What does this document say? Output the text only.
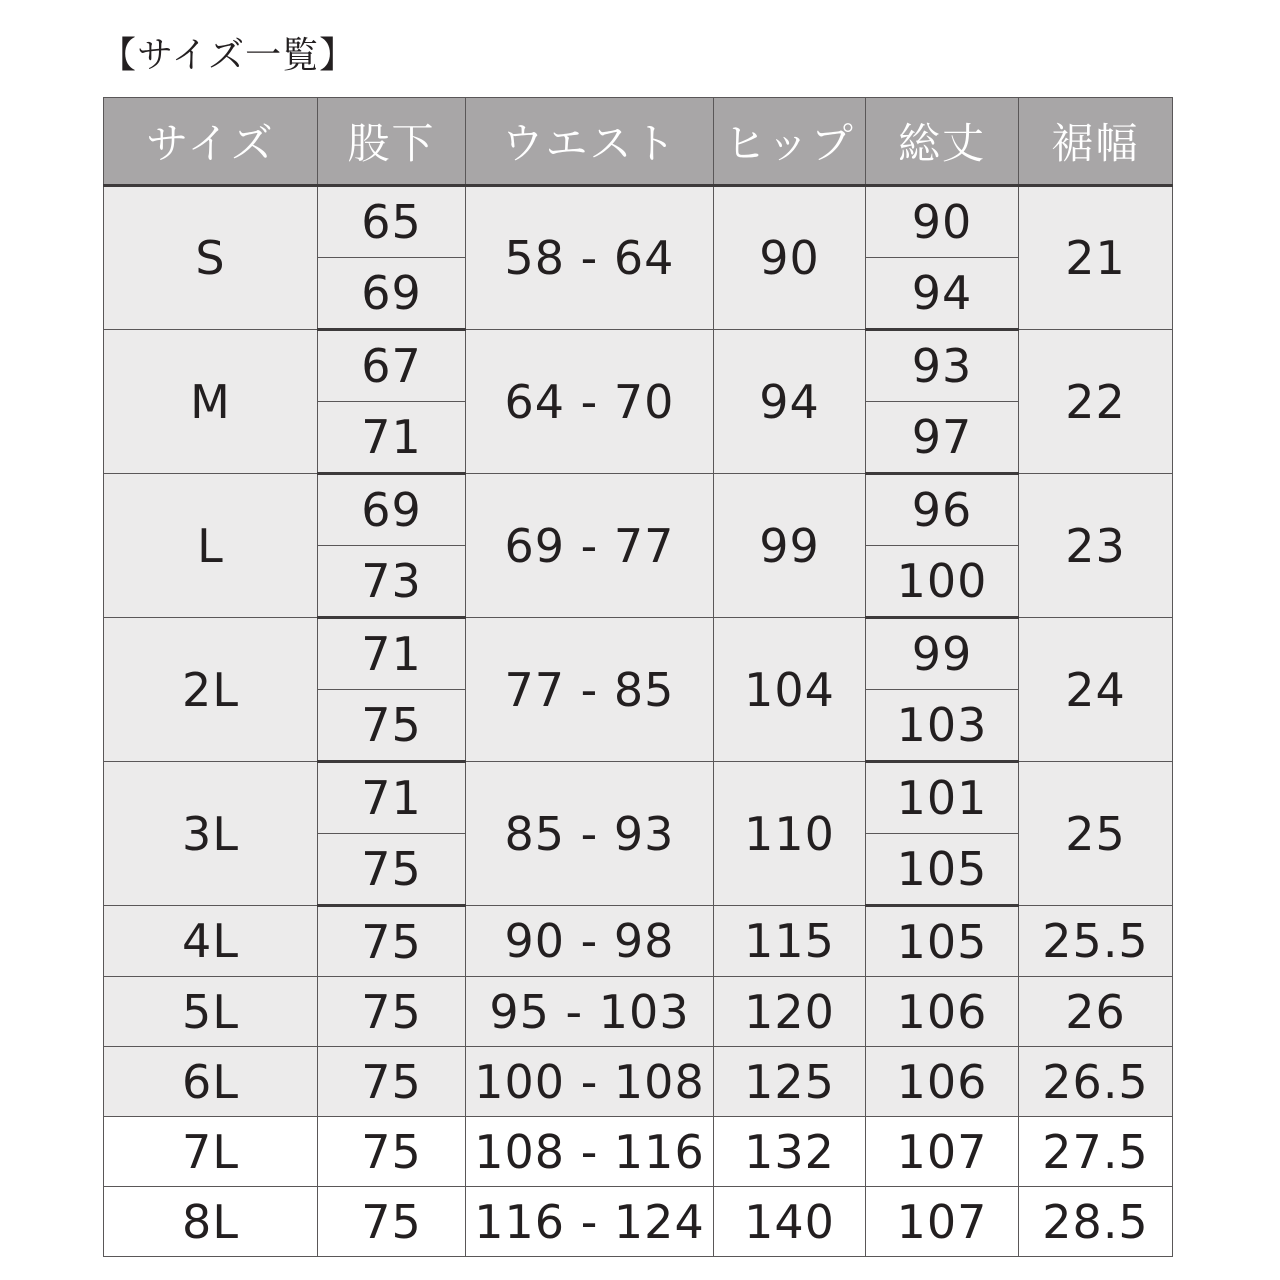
【サイズ一覧】
サイズ	股下	ウエスト	ヒップ	総丈	裾幅
S	65	58 - 64	90	90	21
	69			94	
M	67	64 - 70	94	93	22
	71			97	
L	69	69 - 77	99	96	23
	73			100	
2L	71	77 - 85	104	99	24
	75			103	
3L	71	85 - 93	110	101	25
	75			105	
4L	75	90 - 98	115	105	25.5
5L	75	95 - 103	120	106	26
6L	75	100 - 108	125	106	26.5
7L	75	108 - 116	132	107	27.5
8L	75	116 - 124	140	107	28.5
